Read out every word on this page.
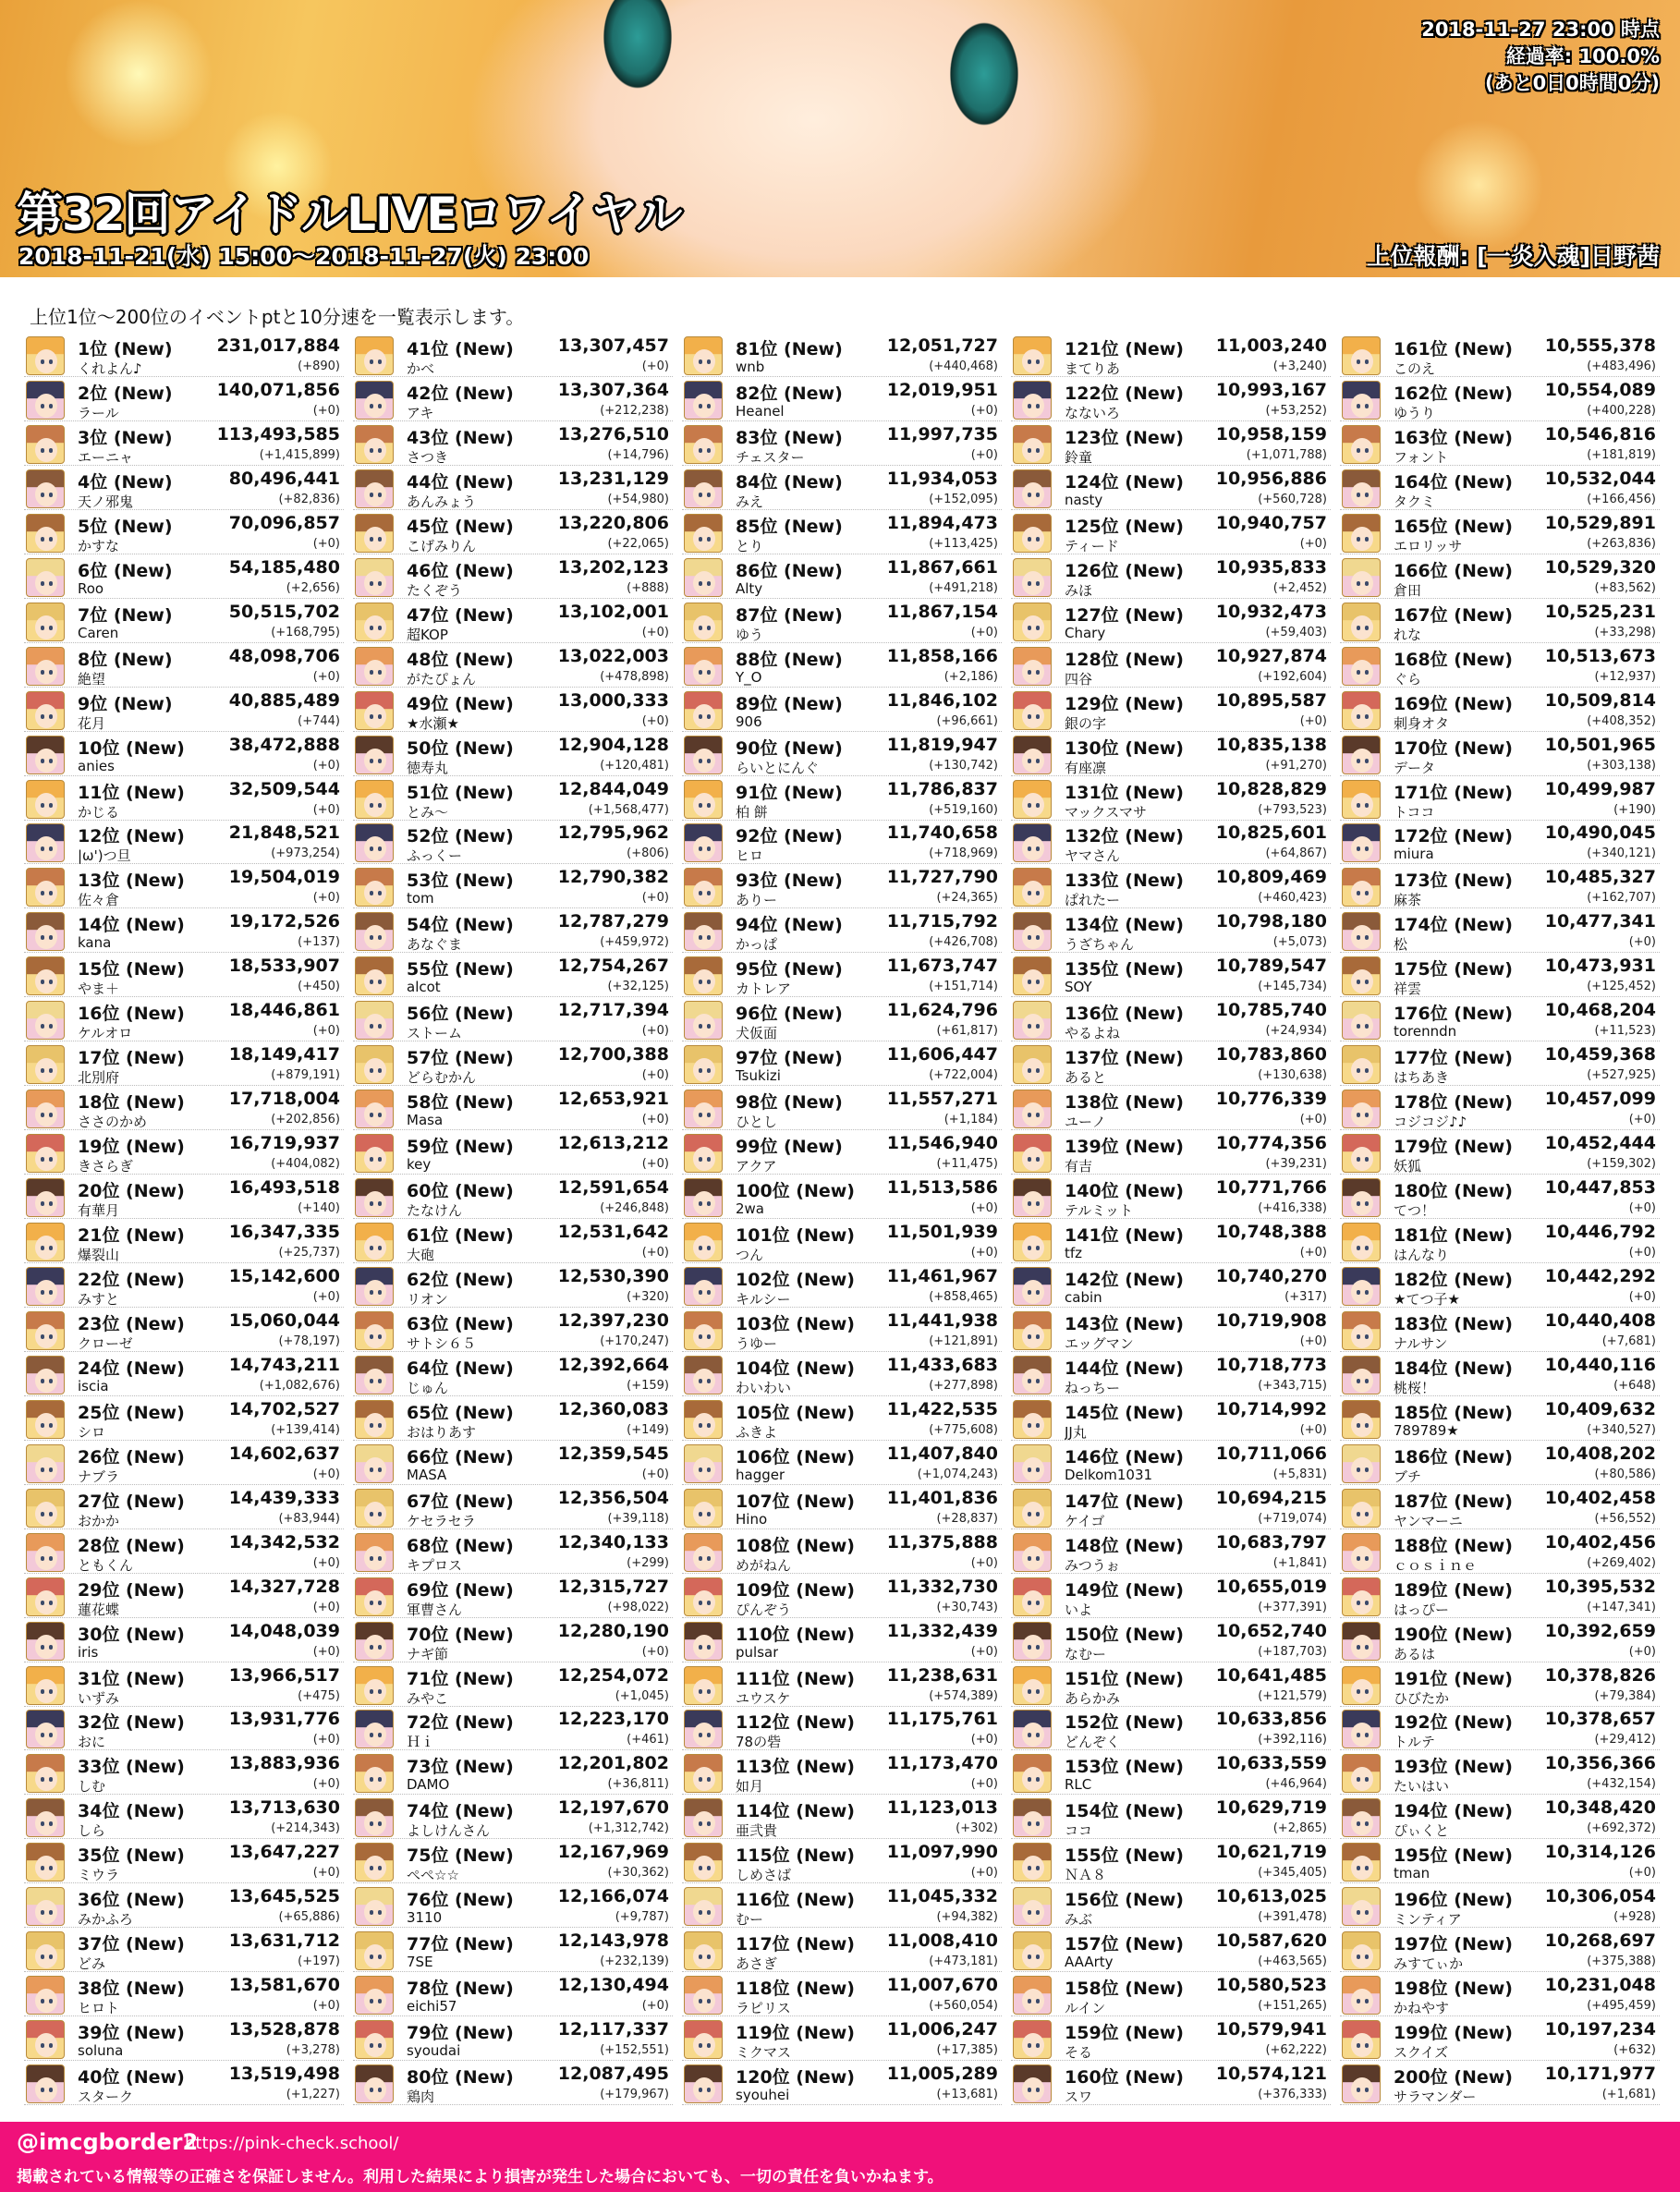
2018-11-27 23:00 時点
経過率: 100.0%
(あと0日0時間0分)
第32回アイドルLIVEロワイヤル
2018-11-21(水) 15:00～2018-11-27(火) 23:00	上位報酬: [一炎入魂]日野茜
上位1位～200位のイベントptと10分速を一覧表示します。
1位 (New)
くれよん♪
231,017,884
(+890)
2位 (New)
ラール
140,071,856
(+0)
3位 (New)
エーニャ
113,493,585
(+1,415,899)
4位 (New)
天ノ邪鬼
80,496,441
(+82,836)
5位 (New)
かすな
70,096,857
(+0)
6位 (New)
Roo
54,185,480
(+2,656)
7位 (New)
Caren
50,515,702
(+168,795)
8位 (New)
絶望
48,098,706
(+0)
9位 (New)
花月
40,885,489
(+744)
10位 (New)
anies
38,472,888
(+0)
11位 (New)
かじる
32,509,544
(+0)
12位 (New)
|ω')つ旦
21,848,521
(+973,254)
13位 (New)
佐々倉
19,504,019
(+0)
14位 (New)
kana
19,172,526
(+137)
15位 (New)
やま＋
18,533,907
(+450)
16位 (New)
ケルオロ
18,446,861
(+0)
17位 (New)
北別府
18,149,417
(+879,191)
18位 (New)
ささのかめ
17,718,004
(+202,856)
19位 (New)
きさらぎ
16,719,937
(+404,082)
20位 (New)
有華月
16,493,518
(+140)
21位 (New)
爆裂山
16,347,335
(+25,737)
22位 (New)
みすと
15,142,600
(+0)
23位 (New)
クローゼ
15,060,044
(+78,197)
24位 (New)
iscia
14,743,211
(+1,082,676)
25位 (New)
シロ
14,702,527
(+139,414)
26位 (New)
ナブラ
14,602,637
(+0)
27位 (New)
おかか
14,439,333
(+83,944)
28位 (New)
ともくん
14,342,532
(+0)
29位 (New)
蓮花蝶
14,327,728
(+0)
30位 (New)
iris
14,048,039
(+0)
31位 (New)
いずみ
13,966,517
(+475)
32位 (New)
おに
13,931,776
(+0)
33位 (New)
しむ
13,883,936
(+0)
34位 (New)
しら
13,713,630
(+214,343)
35位 (New)
ミウラ
13,647,227
(+0)
36位 (New)
みかふろ
13,645,525
(+65,886)
37位 (New)
どみ
13,631,712
(+197)
38位 (New)
ヒロト
13,581,670
(+0)
39位 (New)
soluna
13,528,878
(+3,278)
40位 (New)
スターク
13,519,498
(+1,227)
41位 (New)
かべ
13,307,457
(+0)
42位 (New)
アキ
13,307,364
(+212,238)
43位 (New)
さつき
13,276,510
(+14,796)
44位 (New)
あんみょう
13,231,129
(+54,980)
45位 (New)
こげみりん
13,220,806
(+22,065)
46位 (New)
たくぞう
13,202,123
(+888)
47位 (New)
超KOP
13,102,001
(+0)
48位 (New)
がたぴょん
13,022,003
(+478,898)
49位 (New)
★水瀬★
13,000,333
(+0)
50位 (New)
徳寿丸
12,904,128
(+120,481)
51位 (New)
とみ～
12,844,049
(+1,568,477)
52位 (New)
ふっくー
12,795,962
(+806)
53位 (New)
tom
12,790,382
(+0)
54位 (New)
あなぐま
12,787,279
(+459,972)
55位 (New)
alcot
12,754,267
(+32,125)
56位 (New)
ストーム
12,717,394
(+0)
57位 (New)
どらむかん
12,700,388
(+0)
58位 (New)
Masa
12,653,921
(+0)
59位 (New)
key
12,613,212
(+0)
60位 (New)
たなけん
12,591,654
(+246,848)
61位 (New)
大砲
12,531,642
(+0)
62位 (New)
リオン
12,530,390
(+320)
63位 (New)
サトシ６５
12,397,230
(+170,247)
64位 (New)
じゅん
12,392,664
(+159)
65位 (New)
おはりあす
12,360,083
(+149)
66位 (New)
MASA
12,359,545
(+0)
67位 (New)
ケセラセラ
12,356,504
(+39,118)
68位 (New)
キプロス
12,340,133
(+299)
69位 (New)
軍曹さん
12,315,727
(+98,022)
70位 (New)
ナギ節
12,280,190
(+0)
71位 (New)
みやこ
12,254,072
(+1,045)
72位 (New)
Ｈｉ
12,223,170
(+461)
73位 (New)
DAMO
12,201,802
(+36,811)
74位 (New)
よしけんさん
12,197,670
(+1,312,742)
75位 (New)
ぺぺ☆☆
12,167,969
(+30,362)
76位 (New)
3110
12,166,074
(+9,787)
77位 (New)
7SE
12,143,978
(+232,139)
78位 (New)
eichi57
12,130,494
(+0)
79位 (New)
syoudai
12,117,337
(+152,551)
80位 (New)
鶏肉
12,087,495
(+179,967)
81位 (New)
wnb
12,051,727
(+440,468)
82位 (New)
Heanel
12,019,951
(+0)
83位 (New)
チェスター
11,997,735
(+0)
84位 (New)
みえ
11,934,053
(+152,095)
85位 (New)
とり
11,894,473
(+113,425)
86位 (New)
Alty
11,867,661
(+491,218)
87位 (New)
ゆう
11,867,154
(+0)
88位 (New)
Y_O
11,858,166
(+2,186)
89位 (New)
906
11,846,102
(+96,661)
90位 (New)
らいとにんぐ
11,819,947
(+130,742)
91位 (New)
柏 餅
11,786,837
(+519,160)
92位 (New)
ヒロ
11,740,658
(+718,969)
93位 (New)
ありー
11,727,790
(+24,365)
94位 (New)
かっぱ
11,715,792
(+426,708)
95位 (New)
カトレア
11,673,747
(+151,714)
96位 (New)
犬仮面
11,624,796
(+61,817)
97位 (New)
Tsukizi
11,606,447
(+722,004)
98位 (New)
ひとし
11,557,271
(+1,184)
99位 (New)
アクア
11,546,940
(+11,475)
100位 (New)
2wa
11,513,586
(+0)
101位 (New)
つん
11,501,939
(+0)
102位 (New)
キルシー
11,461,967
(+858,465)
103位 (New)
うゆー
11,441,938
(+121,891)
104位 (New)
わいわい
11,433,683
(+277,898)
105位 (New)
ふきよ
11,422,535
(+775,608)
106位 (New)
hagger
11,407,840
(+1,074,243)
107位 (New)
Hino
11,401,836
(+28,837)
108位 (New)
めがねん
11,375,888
(+0)
109位 (New)
ぴんぞう
11,332,730
(+30,743)
110位 (New)
pulsar
11,332,439
(+0)
111位 (New)
ユウスケ
11,238,631
(+574,389)
112位 (New)
78の砦
11,175,761
(+0)
113位 (New)
如月
11,173,470
(+0)
114位 (New)
亜弐貴
11,123,013
(+302)
115位 (New)
しめさば
11,097,990
(+0)
116位 (New)
むー
11,045,332
(+94,382)
117位 (New)
あさぎ
11,008,410
(+473,181)
118位 (New)
ラピリス
11,007,670
(+560,054)
119位 (New)
ミクマス
11,006,247
(+17,385)
120位 (New)
syouhei
11,005,289
(+13,681)
121位 (New)
まてりあ
11,003,240
(+3,240)
122位 (New)
なないろ
10,993,167
(+53,252)
123位 (New)
鈴童
10,958,159
(+1,071,788)
124位 (New)
nasty
10,956,886
(+560,728)
125位 (New)
ティード
10,940,757
(+0)
126位 (New)
みほ
10,935,833
(+2,452)
127位 (New)
Chary
10,932,473
(+59,403)
128位 (New)
四谷
10,927,874
(+192,604)
129位 (New)
銀の字
10,895,587
(+0)
130位 (New)
有座凛
10,835,138
(+91,270)
131位 (New)
マックスマサ
10,828,829
(+793,523)
132位 (New)
ヤマさん
10,825,601
(+64,867)
133位 (New)
ぱれたー
10,809,469
(+460,423)
134位 (New)
うざちゃん
10,798,180
(+5,073)
135位 (New)
SOY
10,789,547
(+145,734)
136位 (New)
やるよね
10,785,740
(+24,934)
137位 (New)
あると
10,783,860
(+130,638)
138位 (New)
ユーノ
10,776,339
(+0)
139位 (New)
有吉
10,774,356
(+39,231)
140位 (New)
テルミット
10,771,766
(+416,338)
141位 (New)
tfz
10,748,388
(+0)
142位 (New)
cabin
10,740,270
(+317)
143位 (New)
エッグマン
10,719,908
(+0)
144位 (New)
ねっちー
10,718,773
(+343,715)
145位 (New)
JJ丸
10,714,992
(+0)
146位 (New)
Delkom1031
10,711,066
(+5,831)
147位 (New)
ケイゴ
10,694,215
(+719,074)
148位 (New)
みつうぉ
10,683,797
(+1,841)
149位 (New)
いよ
10,655,019
(+377,391)
150位 (New)
なむー
10,652,740
(+187,703)
151位 (New)
あらかみ
10,641,485
(+121,579)
152位 (New)
どんぞく
10,633,856
(+392,116)
153位 (New)
RLC
10,633,559
(+46,964)
154位 (New)
ココ
10,629,719
(+2,865)
155位 (New)
ＮＡ８
10,621,719
(+345,405)
156位 (New)
みぶ
10,613,025
(+391,478)
157位 (New)
AAArty
10,587,620
(+463,565)
158位 (New)
ルイン
10,580,523
(+151,265)
159位 (New)
そる
10,579,941
(+62,222)
160位 (New)
スワ
10,574,121
(+376,333)
161位 (New)
このえ
10,555,378
(+483,496)
162位 (New)
ゆうり
10,554,089
(+400,228)
163位 (New)
フォント
10,546,816
(+181,819)
164位 (New)
タクミ
10,532,044
(+166,456)
165位 (New)
エロリッサ
10,529,891
(+263,836)
166位 (New)
倉田
10,529,320
(+83,562)
167位 (New)
れな
10,525,231
(+33,298)
168位 (New)
ぐら
10,513,673
(+12,937)
169位 (New)
刺身オタ
10,509,814
(+408,352)
170位 (New)
データ
10,501,965
(+303,138)
171位 (New)
トココ
10,499,987
(+190)
172位 (New)
miura
10,490,045
(+340,121)
173位 (New)
麻茶
10,485,327
(+162,707)
174位 (New)
松
10,477,341
(+0)
175位 (New)
祥雲
10,473,931
(+125,452)
176位 (New)
torenndn
10,468,204
(+11,523)
177位 (New)
はちあき
10,459,368
(+527,925)
178位 (New)
コジコジ♪♪
10,457,099
(+0)
179位 (New)
妖狐
10,452,444
(+159,302)
180位 (New)
てつ！
10,447,853
(+0)
181位 (New)
はんなり
10,446,792
(+0)
182位 (New)
★てつ子★
10,442,292
(+0)
183位 (New)
ナルサン
10,440,408
(+7,681)
184位 (New)
桃桜！
10,440,116
(+648)
185位 (New)
789789★
10,409,632
(+340,527)
186位 (New)
ブチ
10,408,202
(+80,586)
187位 (New)
ヤンマーニ
10,402,458
(+56,552)
188位 (New)
ｃｏｓｉｎｅ
10,402,456
(+269,402)
189位 (New)
はっぴー
10,395,532
(+147,341)
190位 (New)
あるは
10,392,659
(+0)
191位 (New)
ひびたか
10,378,826
(+79,384)
192位 (New)
トルテ
10,378,657
(+29,412)
193位 (New)
たいはい
10,356,366
(+432,154)
194位 (New)
ぴぃくと
10,348,420
(+692,372)
195位 (New)
tman
10,314,126
(+0)
196位 (New)
ミンティア
10,306,054
(+928)
197位 (New)
みすてぃか
10,268,697
(+375,388)
198位 (New)
かねやす
10,231,048
(+495,459)
199位 (New)
スクイズ
10,197,234
(+632)
200位 (New)
サラマンダー
10,171,977
(+1,681)
@imcgborder2
https://pink-check.school/
掲載されている情報等の正確さを保証しません。利用した結果により損害が発生した場合においても、一切の責任を負いかねます。
